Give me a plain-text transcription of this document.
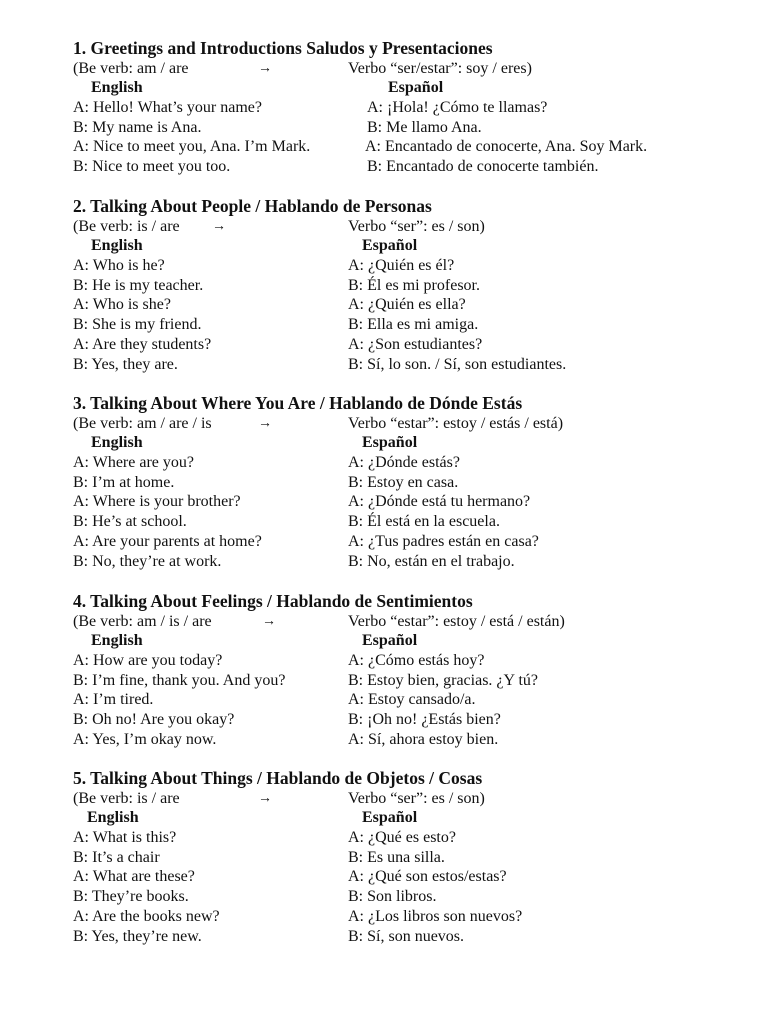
1. Greetings and Introductions Saludos y Presentaciones
(Be verb: am / are	→	Verbo “ser/estar”: soy / eres)
English	Español
A: Hello! What’s your name?	A: ¡Hola! ¿Cómo te llamas?
B: My name is Ana.	B: Me llamo Ana.
A: Nice to meet you, Ana. I’m Mark.	A: Encantado de conocerte, Ana. Soy Mark.
B: Nice to meet you too.	B: Encantado de conocerte también.
2. Talking About People / Hablando de Personas
(Be verb: is / are →	Verbo “ser”: es / son)
English	Español
A: Who is he?	A: ¿Quién es él?
B: He is my teacher.	B: Él es mi profesor.
A: Who is she?	A: ¿Quién es ella?
B: She is my friend.	B: Ella es mi amiga.
A: Are they students?	A: ¿Son estudiantes?
B: Yes, they are.	B: Sí, lo son. / Sí, son estudiantes.
3. Talking About Where You Are / Hablando de Dónde Estás
(Be verb: am / are / is	→	Verbo “estar”: estoy / estás / está)
English	Español
A: Where are you?	A: ¿Dónde estás?
B: I’m at home.	B: Estoy en casa.
A: Where is your brother?	A: ¿Dónde está tu hermano?
B: He’s at school.	B: Él está en la escuela.
A: Are your parents at home?	A: ¿Tus padres están en casa?
B: No, they’re at work.	B: No, están en el trabajo.
4. Talking About Feelings / Hablando de Sentimientos
(Be verb: am / is / are	→	Verbo “estar”: estoy / está / están)
English	Español
A: How are you today?	A: ¿Cómo estás hoy?
B: I’m fine, thank you. And you?	B: Estoy bien, gracias. ¿Y tú?
A: I’m tired.	A: Estoy cansado/a.
B: Oh no! Are you okay?	B: ¡Oh no! ¿Estás bien?
A: Yes, I’m okay now.	A: Sí, ahora estoy bien.
5. Talking About Things / Hablando de Objetos / Cosas
(Be verb: is / are	→	Verbo “ser”: es / son)
English	Español
A: What is this?	A: ¿Qué es esto?
B: It’s a chair	B: Es una silla.
A: What are these?	A: ¿Qué son estos/estas?
B: They’re books.	B: Son libros.
A: Are the books new?	A: ¿Los libros son nuevos?
B: Yes, they’re new.	B: Sí, son nuevos.
